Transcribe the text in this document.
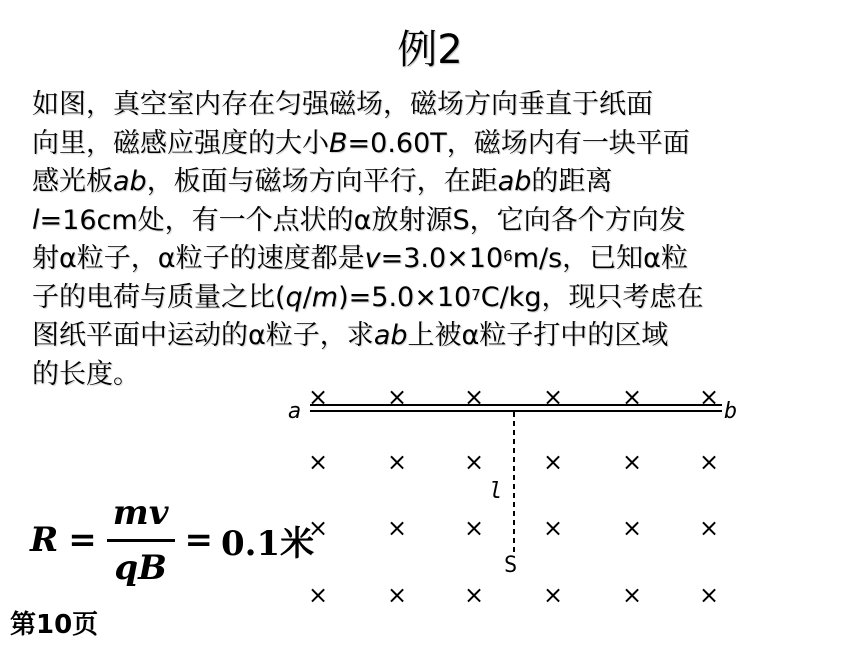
例2
如图，真空室内存在匀强磁场，磁场方向垂直于纸面
向里，磁感应强度的大小B=0.60T，磁场内有一块平面
感光板ab，板面与磁场方向平行，在距ab的距离
l=16cm处，有一个点状的α放射源S，它向各个方向发
射α粒子，α粒子的速度都是$v=3.0\times 10^6m/s$，已知α粒
子的电荷与质量之比$(q/m)=5.0\times 10^7C/kg$，现只考虑在
图纸平面中运动的α粒子，求ab上被α粒子打中的区域
的长度。
× × × × × ×
× × × × × ×
× × × × × ×
× × × × × ×
a	b
l
S
$R = \frac{mv}{qB} = 0.1$米
第10页
